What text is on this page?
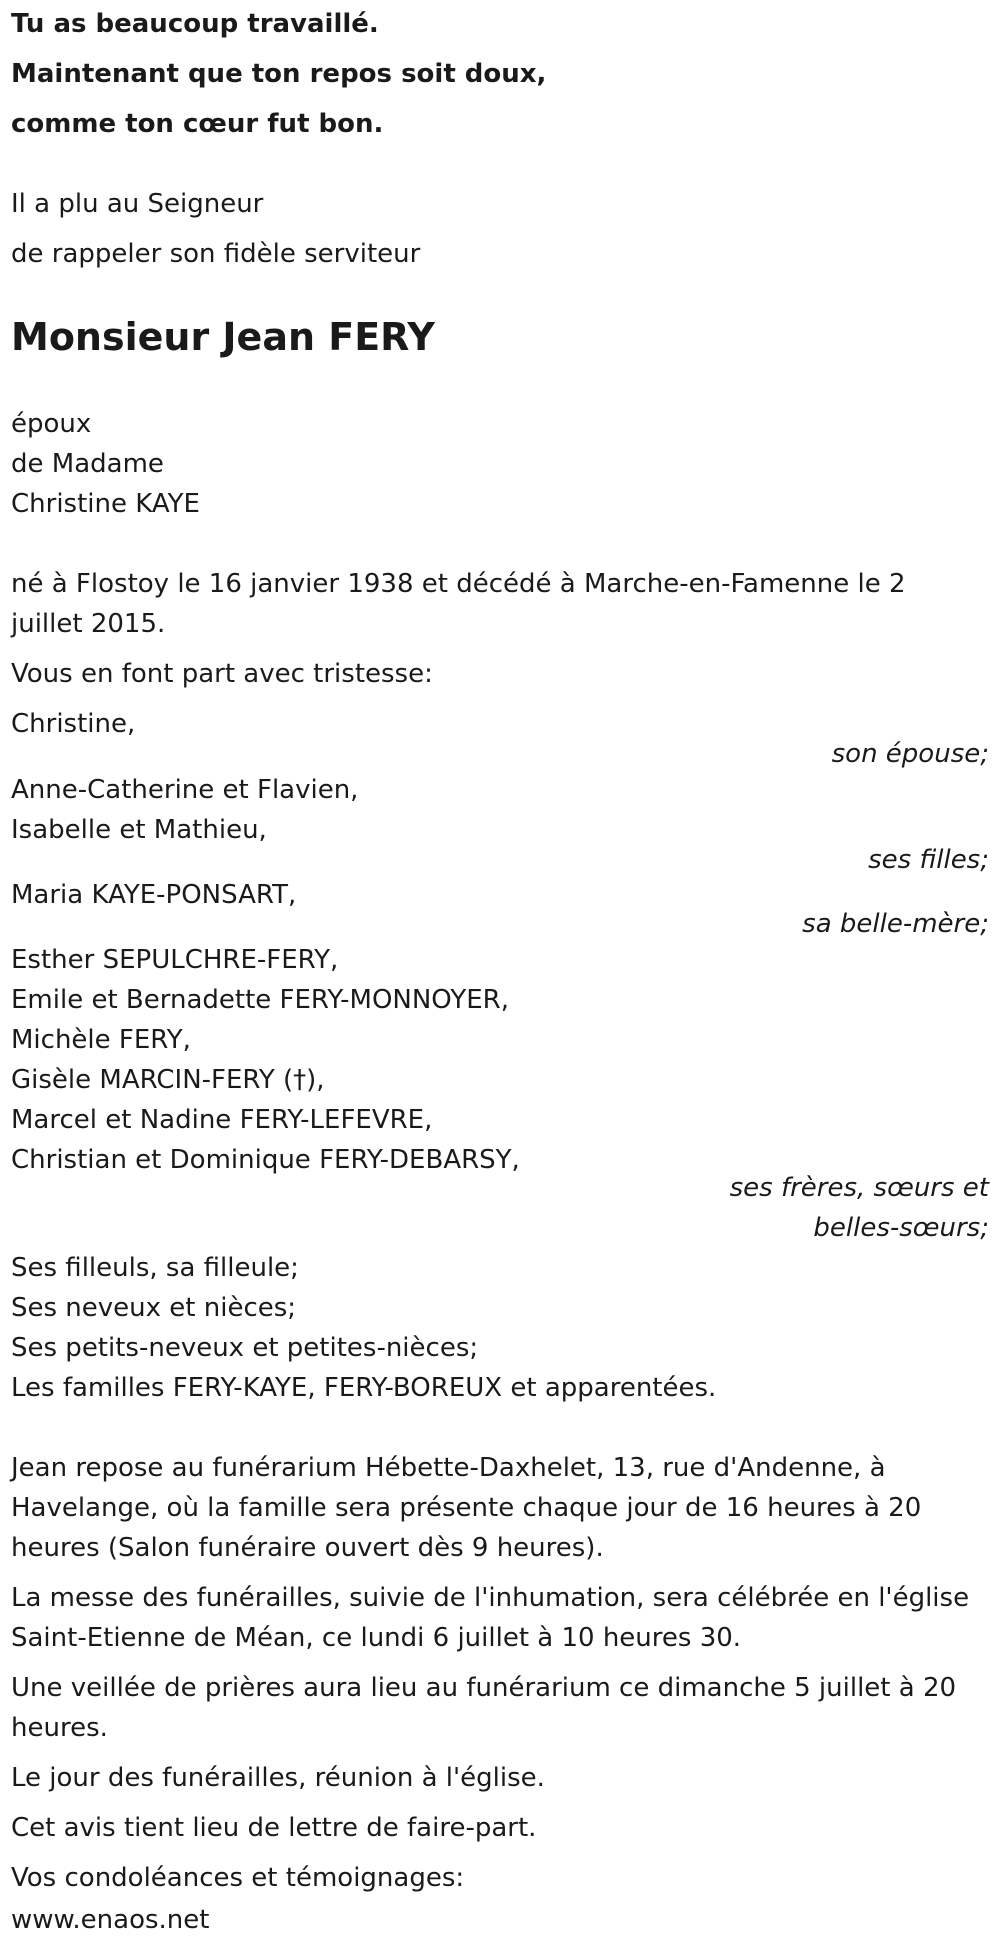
Tu as beaucoup travaillé.
Maintenant que ton repos soit doux,
comme ton cœur fut bon.
Il a plu au Seigneur
de rappeler son fidèle serviteur
Monsieur Jean FERY
époux
de Madame
Christine KAYE
né à Flostoy le 16 janvier 1938 et décédé à Marche-en-Famenne le 2
juillet 2015.
Vous en font part avec tristesse:
Christine,
son épouse;
Anne-Catherine et Flavien,
Isabelle et Mathieu,
ses filles;
Maria KAYE-PONSART,
sa belle-mère;
Esther SEPULCHRE-FERY,
Emile et Bernadette FERY-MONNOYER,
Michèle FERY,
Gisèle MARCIN-FERY (†),
Marcel et Nadine FERY-LEFEVRE,
Christian et Dominique FERY-DEBARSY,
ses frères, sœurs et
belles-sœurs;
Ses filleuls, sa filleule;
Ses neveux et nièces;
Ses petits-neveux et petites-nièces;
Les familles FERY-KAYE, FERY-BOREUX et apparentées.
Jean repose au funérarium Hébette-Daxhelet, 13, rue d'Andenne, à
Havelange, où la famille sera présente chaque jour de 16 heures à 20
heures (Salon funéraire ouvert dès 9 heures).
La messe des funérailles, suivie de l'inhumation, sera célébrée en l'église
Saint-Etienne de Méan, ce lundi 6 juillet à 10 heures 30.
Une veillée de prières aura lieu au funérarium ce dimanche 5 juillet à 20
heures.
Le jour des funérailles, réunion à l'église.
Cet avis tient lieu de lettre de faire-part.
Vos condoléances et témoignages:
www.enaos.net
